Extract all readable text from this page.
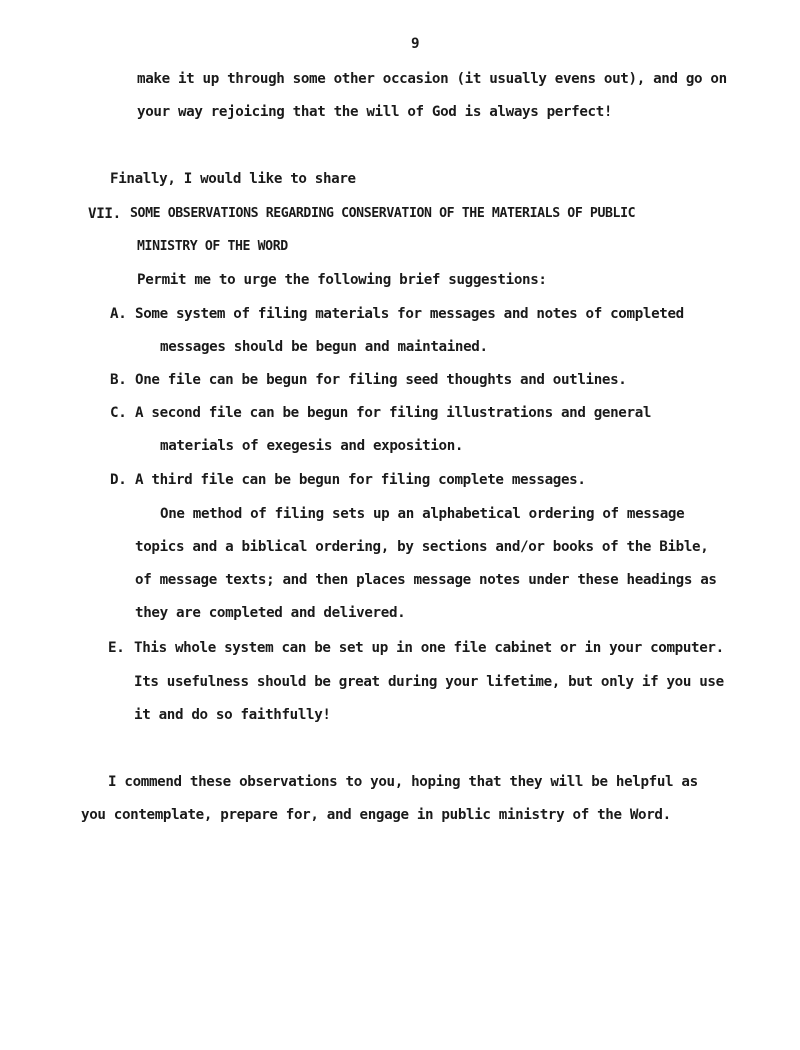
9
make it up through some other occasion (it usually evens out), and go on
your way rejoicing that the will of God is always perfect!
Finally, I would like to share
VII. SOME OBSERVATIONS REGARDING CONSERVATION OF THE MATERIALS OF PUBLIC
MINISTRY OF THE WORD
Permit me to urge the following brief suggestions:
A. Some system of filing materials for messages and notes of completed
messages should be begun and maintained.
B. One file can be begun for filing seed thoughts and outlines.
C. A second file can be begun for filing illustrations and general
materials of exegesis and exposition.
D. A third file can be begun for filing complete messages.
One method of filing sets up an alphabetical ordering of message
topics and a biblical ordering, by sections and/or books of the Bible,
of message texts; and then places message notes under these headings as
they are completed and delivered.
E. This whole system can be set up in one file cabinet or in your computer.
Its usefulness should be great during your lifetime, but only if you use
it and do so faithfully!
I commend these observations to you, hoping that they will be helpful as
you contemplate, prepare for, and engage in public ministry of the Word.
